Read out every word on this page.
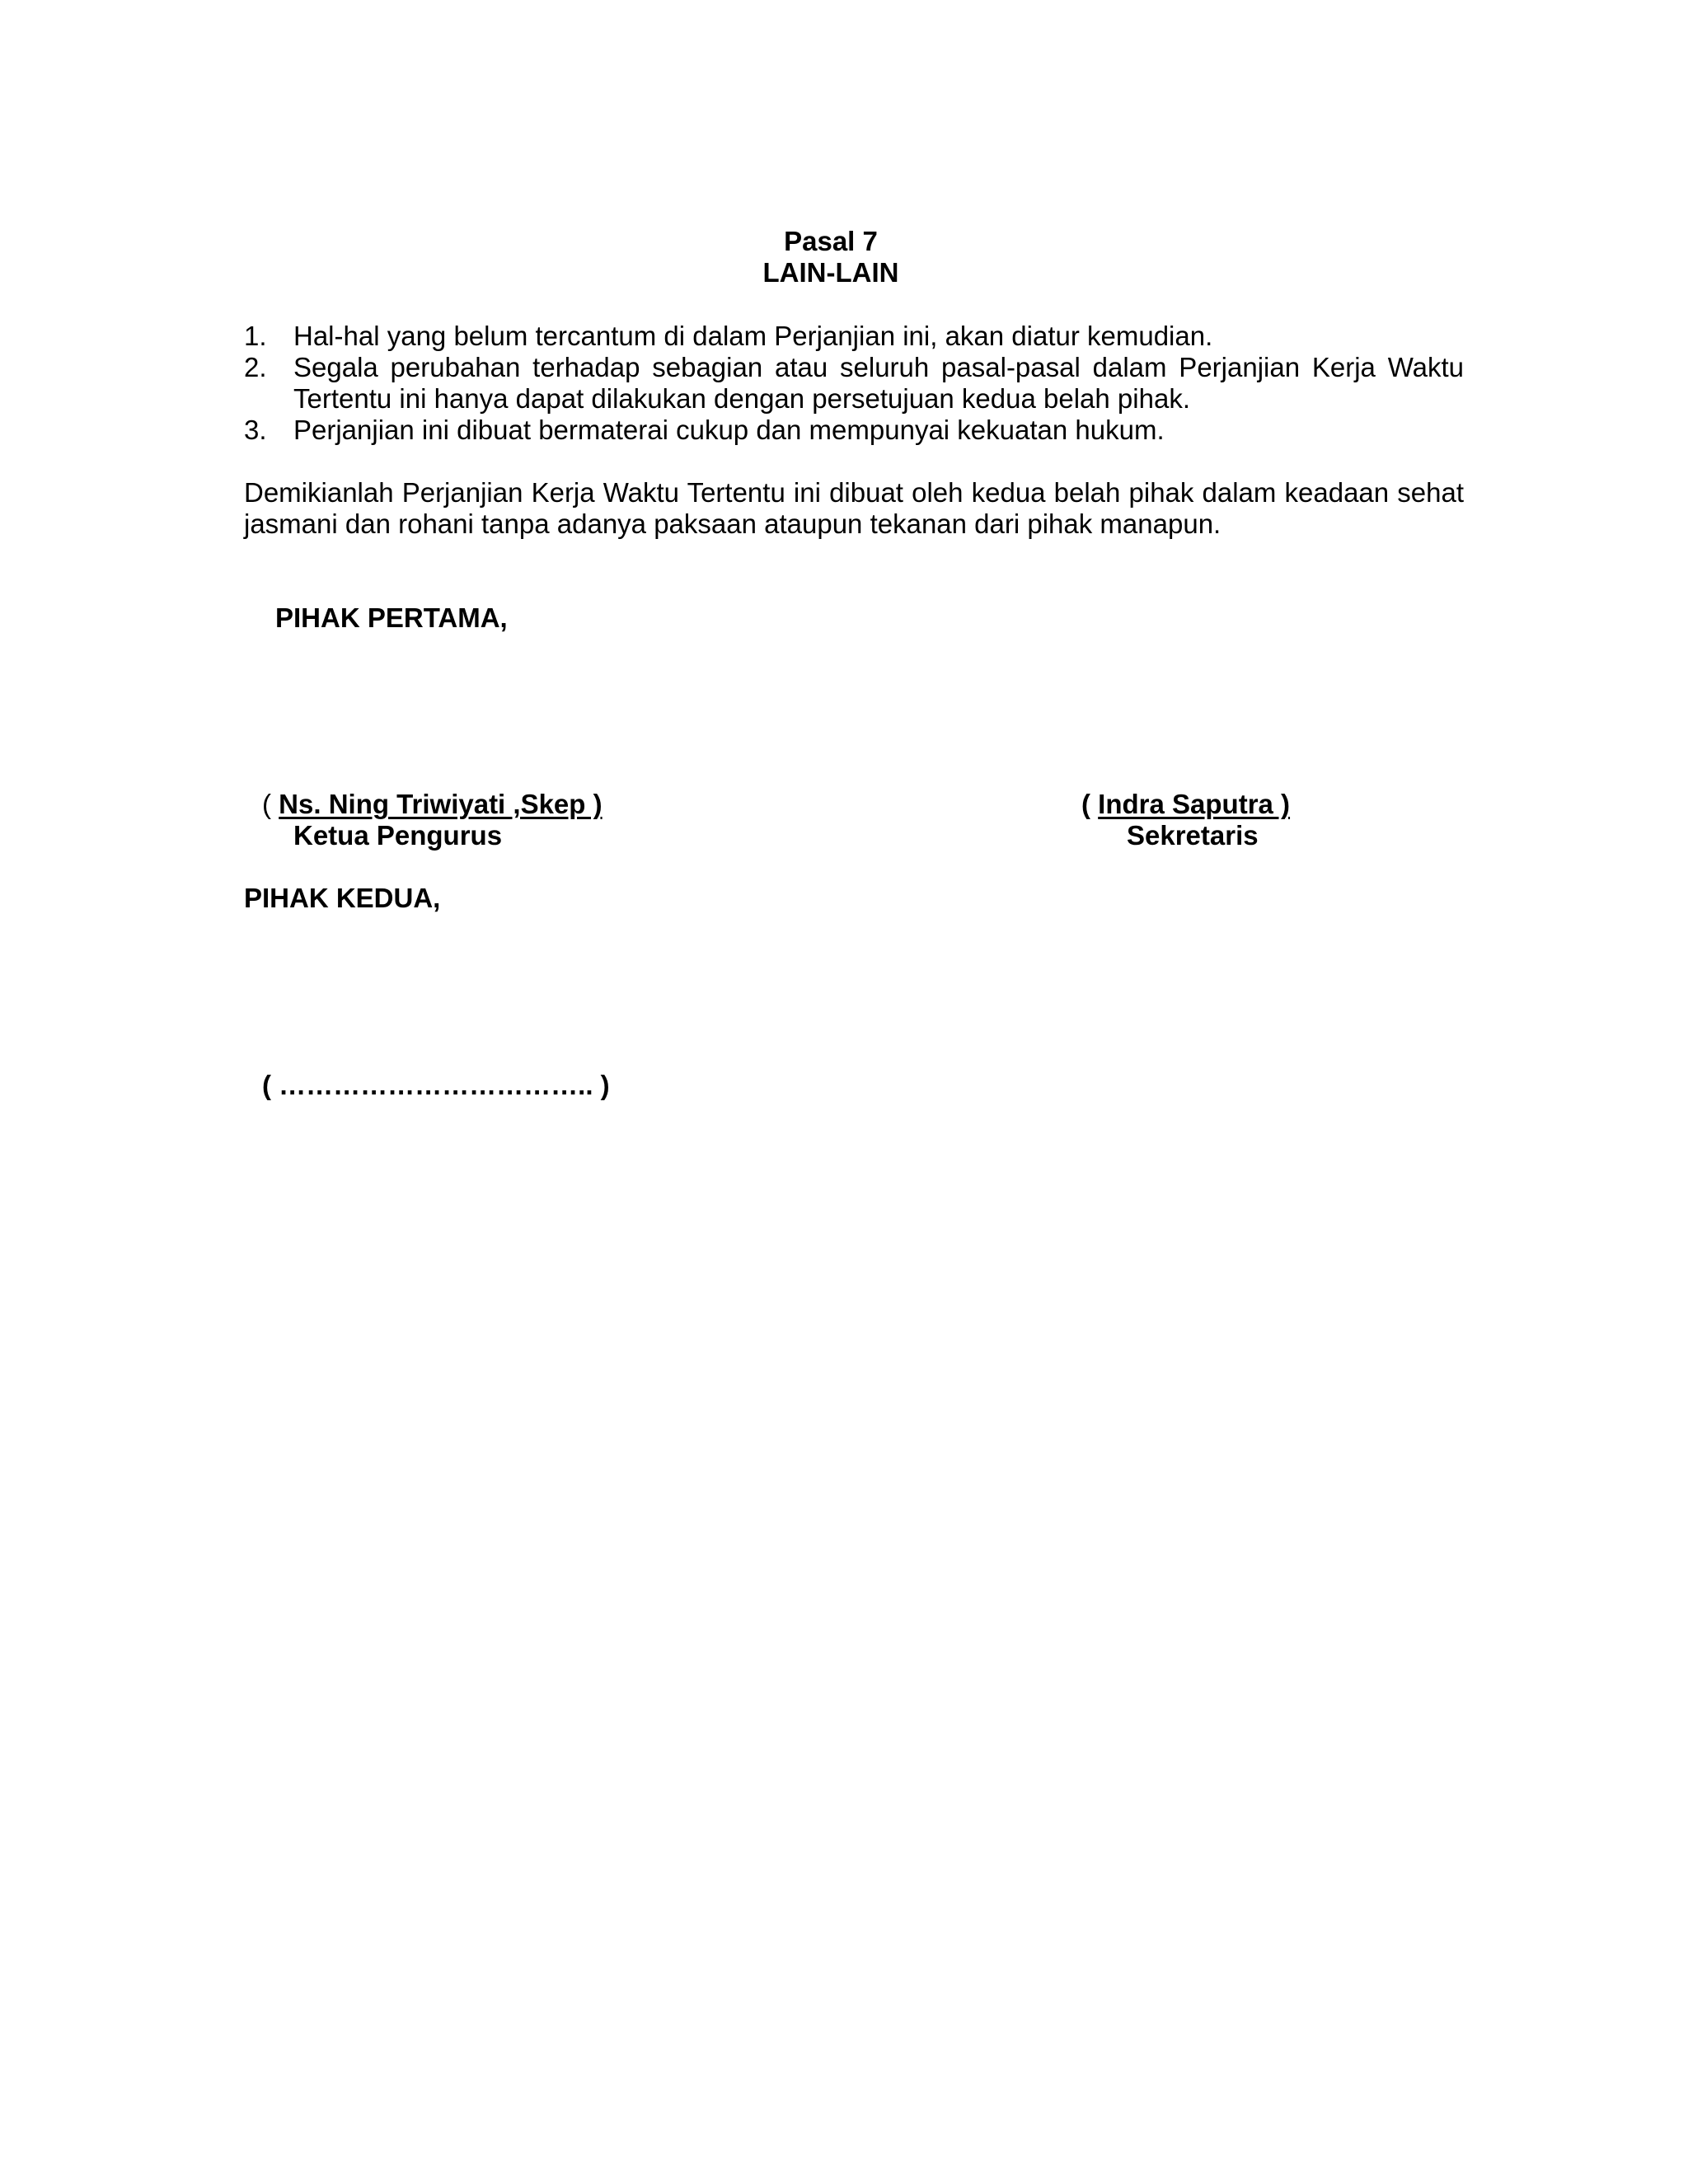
Pasal 7
LAIN-LAIN
1. Hal-hal yang belum tercantum di dalam Perjanjian ini, akan diatur kemudian.
2. Segala perubahan terhadap sebagian atau seluruh pasal-pasal dalam Perjanjian Kerja Waktu
Tertentu ini hanya dapat dilakukan dengan persetujuan kedua belah pihak.
3. Perjanjian ini dibuat bermaterai cukup dan mempunyai kekuatan hukum.
Demikianlah Perjanjian Kerja Waktu Tertentu ini dibuat oleh kedua belah pihak dalam keadaan sehat
jasmani dan rohani tanpa adanya paksaan ataupun tekanan dari pihak manapun.
PIHAK PERTAMA,
( Ns. Ning Triwiyati ,Skep )
Ketua Pengurus
( Indra Saputra )
Sekretaris
PIHAK KEDUA,
( …………………………….. )
